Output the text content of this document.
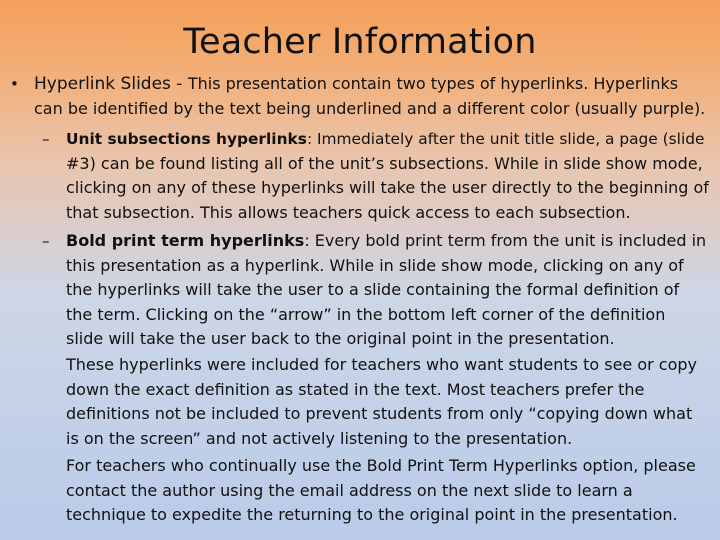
Teacher Information
• Hyperlink Slides - This presentation contain two types of hyperlinks. Hyperlinks
can be identified by the text being underlined and a different color (usually purple).
– Unit subsections hyperlinks: Immediately after the unit title slide, a page (slide
#3) can be found listing all of the unit’s subsections. While in slide show mode,
clicking on any of these hyperlinks will take the user directly to the beginning of
that subsection. This allows teachers quick access to each subsection.
– Bold print term hyperlinks: Every bold print term from the unit is included in
this presentation as a hyperlink. While in slide show mode, clicking on any of
the hyperlinks will take the user to a slide containing the formal definition of
the term. Clicking on the “arrow” in the bottom left corner of the definition
slide will take the user back to the original point in the presentation.
These hyperlinks were included for teachers who want students to see or copy
down the exact definition as stated in the text. Most teachers prefer the
definitions not be included to prevent students from only “copying down what
is on the screen” and not actively listening to the presentation.
For teachers who continually use the Bold Print Term Hyperlinks option, please
contact the author using the email address on the next slide to learn a
technique to expedite the returning to the original point in the presentation.
